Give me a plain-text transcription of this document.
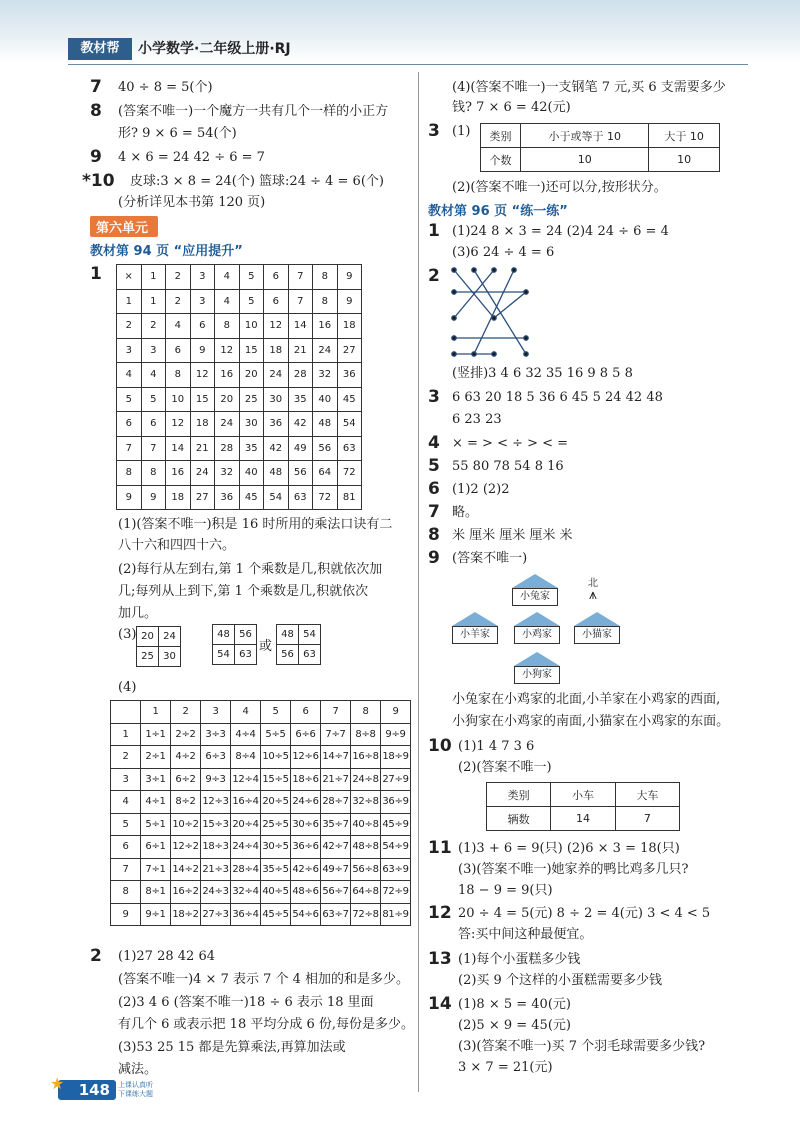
教材帮	小学数学·二年级上册·RJ
7 40 ÷ 8 = 5(个)
8 (答案不唯一)一个魔方一共有几个一样的小正方
形? 9 × 6 = 54(个)
9 4 × 6 = 24 42 ÷ 6 = 7
*10 皮球:3 × 8 = 24(个) 篮球:24 ÷ 4 = 6(个)
(分析详见本书第 120 页)
第六单元
教材第 94 页 “应用提升”
1 ×	1	2	3	4	5	6	7	8	9
1	1	2	3	4	5	6	7	8	9
2	2	4	6	8	10	12	14	16	18
3	3	6	9	12	15	18	21	24	27
4	4	8	12	16	20	24	28	32	36
5	5	10	15	20	25	30	35	40	45
6	6	12	18	24	30	36	42	48	54
7	7	14	21	28	35	42	49	56	63
8	8	16	24	32	40	48	56	64	72
9	9	18	27	36	45	54	63	72	81
(1)(答案不唯一)积是 16 时所用的乘法口诀有二
八十六和四四十六。
(2)每行从左到右,第 1 个乘数是几,积就依次加
几;每列从上到下,第 1 个乘数是几,积就依次
加几。
(3) 20	24
25	30
48	56
54	63
或
48	54
56	63
(4)
	1	2	3	4	5	6	7	8	9
1	1÷1	2÷2	3÷3	4÷4	5÷5	6÷6	7÷7	8÷8	9÷9
2	2÷1	4÷2	6÷3	8÷4	10÷5	12÷6	14÷7	16÷8	18÷9
3	3÷1	6÷2	9÷3	12÷4	15÷5	18÷6	21÷7	24÷8	27÷9
4	4÷1	8÷2	12÷3	16÷4	20÷5	24÷6	28÷7	32÷8	36÷9
5	5÷1	10÷2	15÷3	20÷4	25÷5	30÷6	35÷7	40÷8	45÷9
6	6÷1	12÷2	18÷3	24÷4	30÷5	36÷6	42÷7	48÷8	54÷9
7	7÷1	14÷2	21÷3	28÷4	35÷5	42÷6	49÷7	56÷8	63÷9
8	8÷1	16÷2	24÷3	32÷4	40÷5	48÷6	56÷7	64÷8	72÷9
9	9÷1	18÷2	27÷3	36÷4	45÷5	54÷6	63÷7	72÷8	81÷9
2 (1)27 28 42 64
(答案不唯一)4 × 7 表示 7 个 4 相加的和是多少。
(2)3 4 6 (答案不唯一)18 ÷ 6 表示 18 里面
有几个 6 或表示把 18 平均分成 6 份,每份是多少。
(3)53 25 15 都是先算乘法,再算加法或
减法。
(4)(答案不唯一)一支钢笔 7 元,买 6 支需要多少
钱? 7 × 6 = 42(元)
3 (1) 类别	小于或等于 10	大于 10
个数	10	10
(2)(答案不唯一)还可以分,按形状分。
教材第 96 页 “练一练”
1 (1)24 8 × 3 = 24 (2)4 24 ÷ 6 = 4
(3)6 24 ÷ 4 = 6
2
(竖排)3 4 6 32 35 16 9 8 5 8
3 6 63 20 18 5 36 6 45 5 24 42 48
6 23 23
4 × = > < ÷ > < =
5 55 80 78 54 8 16
6 (1)2 (2)2
7 略。
8 米 厘米 厘米 厘米 米
9 (答案不唯一)
小兔家
北
⩚
小羊家	小鸡家	小猫家
小狗家
小兔家在小鸡家的北面,小羊家在小鸡家的西面,
小狗家在小鸡家的南面,小猫家在小鸡家的东面。
10 (1)1 4 7 3 6
(2)(答案不唯一)
类别	小车	大车
辆数	14	7
11 (1)3 + 6 = 9(只) (2)6 × 3 = 18(只)
(3)(答案不唯一)她家养的鸭比鸡多几只?
18 − 9 = 9(只)
12 20 ÷ 4 = 5(元) 8 ÷ 2 = 4(元) 3 < 4 < 5
答:买中间这种最便宜。
13 (1)每个小蛋糕多少钱
(2)买 9 个这样的小蛋糕需要多少钱
14 (1)8 × 5 = 40(元)
(2)5 × 9 = 45(元)
(3)(答案不唯一)买 7 个羽毛球需要多少钱?
3 × 7 = 21(元)
148
★	上课认真听
下课练大题
